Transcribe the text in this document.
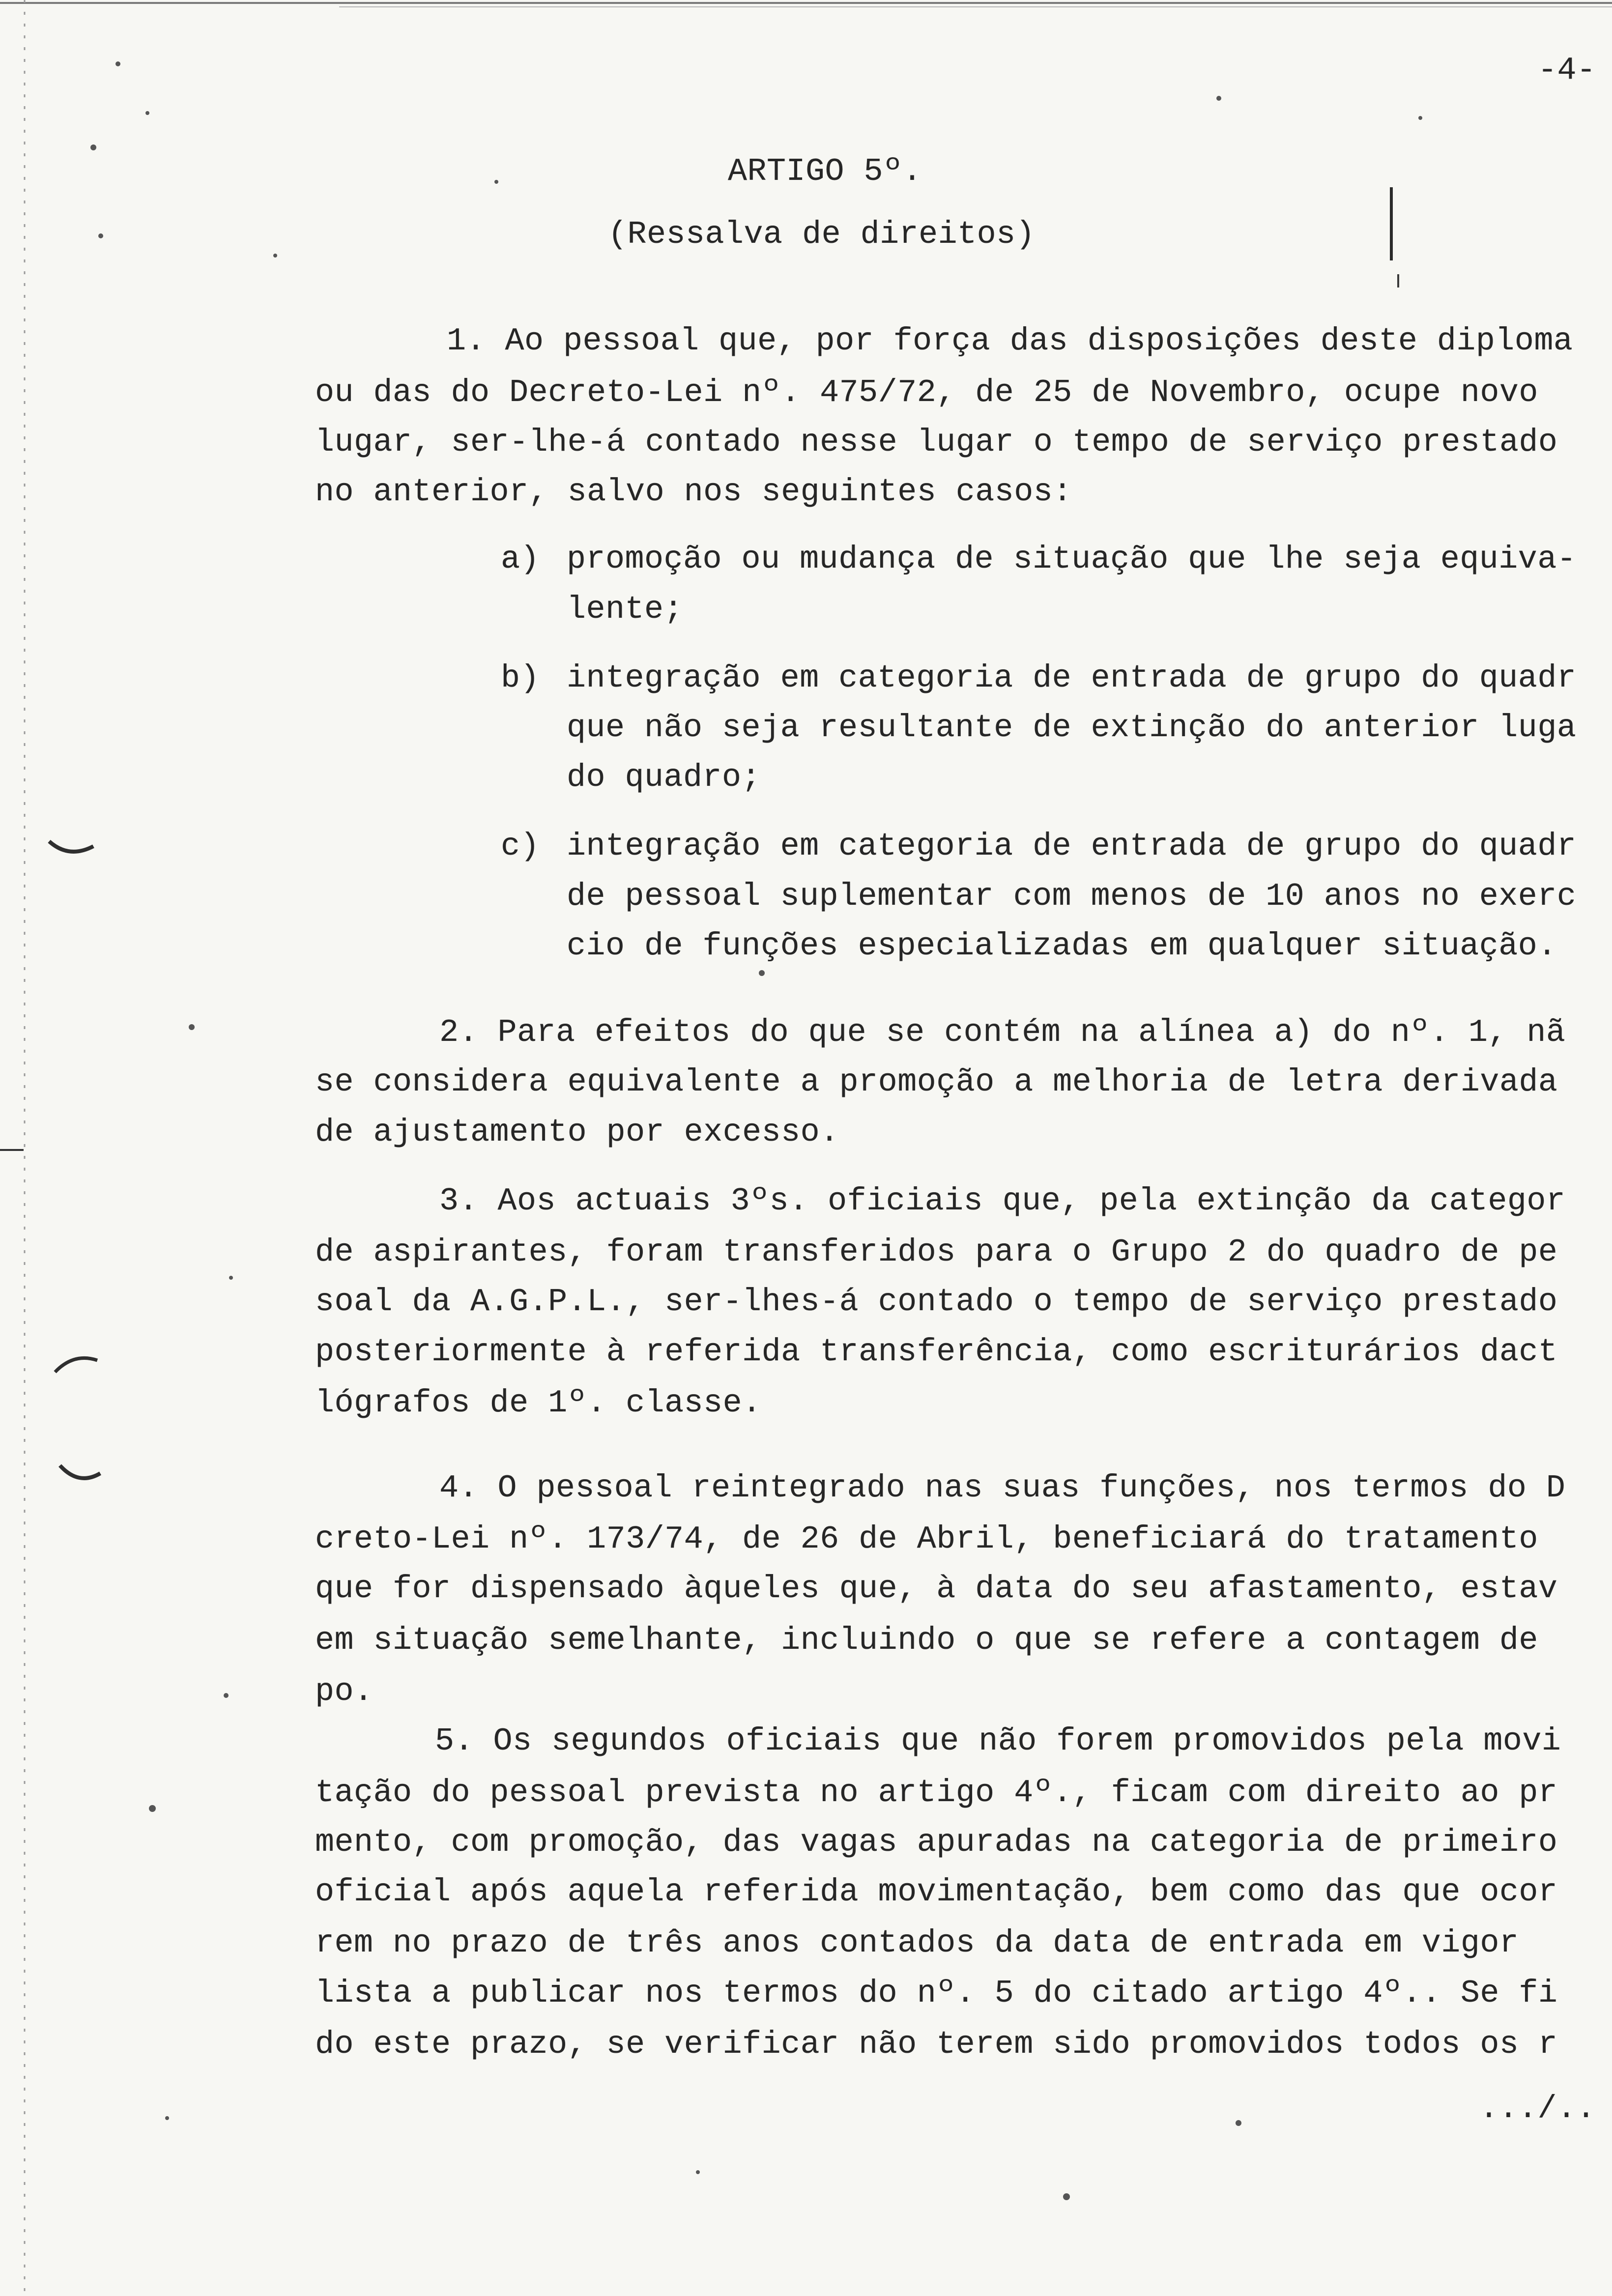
-4-
ARTIGO 5º.
(Ressalva de direitos)
1. Ao pessoal que, por força das disposições deste diploma
ou das do Decreto-Lei nº. 475/72, de 25 de Novembro, ocupe novo
lugar, ser-lhe-á contado nesse lugar o tempo de serviço prestado
no anterior, salvo nos seguintes casos:
a) promoção ou mudança de situação que lhe seja equiva-
lente;
b) integração em categoria de entrada de grupo do quadr
que não seja resultante de extinção do anterior luga
do quadro;
c) integração em categoria de entrada de grupo do quadr
de pessoal suplementar com menos de 10 anos no exerc
cio de funções especializadas em qualquer situação.
2. Para efeitos do que se contém na alínea a) do nº. 1, nã
se considera equivalente a promoção a melhoria de letra derivada
de ajustamento por excesso.
3. Aos actuais 3ºs. oficiais que, pela extinção da categor
de aspirantes, foram transferidos para o Grupo 2 do quadro de pe
soal da A.G.P.L., ser-lhes-á contado o tempo de serviço prestado
posteriormente à referida transferência, como escriturários dact
lógrafos de 1º. classe.
4. O pessoal reintegrado nas suas funções, nos termos do D
creto-Lei nº. 173/74, de 26 de Abril, beneficiará do tratamento
que for dispensado àqueles que, à data do seu afastamento, estav
em situação semelhante, incluindo o que se refere a contagem de
po.
5. Os segundos oficiais que não forem promovidos pela movi
tação do pessoal prevista no artigo 4º., ficam com direito ao pr
mento, com promoção, das vagas apuradas na categoria de primeiro
oficial após aquela referida movimentação, bem como das que ocor
rem no prazo de três anos contados da data de entrada em vigor
lista a publicar nos termos do nº. 5 do citado artigo 4º.. Se fi
do este prazo, se verificar não terem sido promovidos todos os r
.../..
